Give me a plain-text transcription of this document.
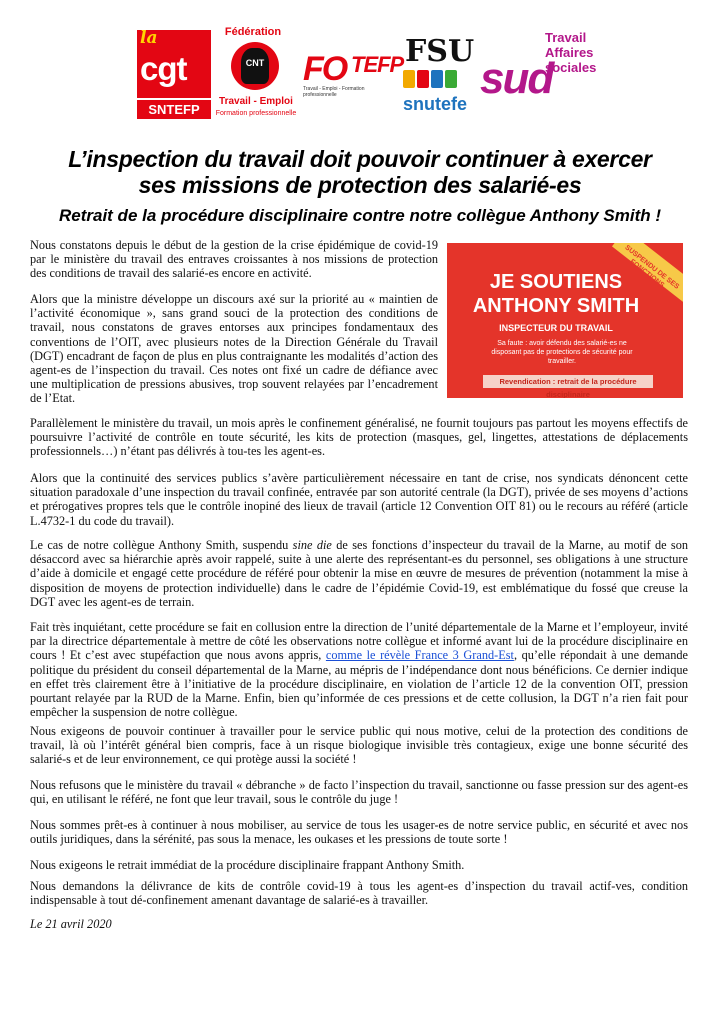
la
cgt
SNTEFP
Fédération
CNT
Travail - Emploi
Formation professionnelle
FO TEFP
Travail - Emploi - Formation professionnelle
FSU
snutefe
sud
Travail
Affaires
sociales
L’inspection du travail doit pouvoir continuer à exercer
ses missions de protection des salarié-es
Retrait de la procédure disciplinaire contre notre collègue Anthony Smith !
SUSPENDU DE SES FONCTIONS
JE SOUTIENS
ANTHONY SMITH
INSPECTEUR DU TRAVAIL
Sa faute : avoir défendu des salarié-es ne disposant pas de protections de sécurité pour travailler.
Revendication : retrait de la procédure disciplinaire

Nous constatons depuis le début de la gestion de la crise épidémique de covid-19 par le ministère du travail des entraves croissantes à nos missions de protection des conditions de travail des salarié-es encore en activité.

Alors que la ministre développe un discours axé sur la priorité au « maintien de l’activité économique », sans grand souci de la protection des conditions de travail, nous constatons de graves entorses aux principes fondamentaux des conventions de l’OIT, avec plusieurs notes de la Direction Générale du Travail (DGT) encadrant de façon de plus en plus contraignante les modalités d’action des agent-es de l’inspection du travail. Ces notes ont fixé un cadre de défiance avec une multiplication de pressions abusives, trop souvent relayées par l’encadrement de l’Etat.

Parallèlement le ministère du travail, un mois après le confinement généralisé, ne fournit toujours pas partout les moyens effectifs de poursuivre l’activité de contrôle en toute sécurité, les kits de protection (masques, gel, lingettes, attestations de déplacements professionnels…) n’étant pas délivrés à tou-tes les agent-es.

Alors que la continuité des services publics s’avère particulièrement nécessaire en tant de crise, nos syndicats dénoncent cette situation paradoxale d’une inspection du travail confinée, entravée par son autorité centrale (la DGT), privée de ses moyens d’actions et prérogatives propres tels que le contrôle inopiné des lieux de travail (article 12 Convention OIT 81) ou le recours au référé (article L.4732-1 du code du travail).

Le cas de notre collègue Anthony Smith, suspendu sine die de ses fonctions d’inspecteur du travail de la Marne, au motif de son désaccord avec sa hiérarchie après avoir rappelé, suite à une alerte des représentant-es du personnel, ses obligations à une structure d’aide à domicile et engagé cette procédure de référé pour obtenir la mise en œuvre de mesures de prévention (notamment la mise à disposition de moyens de protection individuelle) dans le cadre de l’épidémie Covid-19, est emblématique du fossé que creuse la DGT avec les agent-es de terrain.

Fait très inquiétant, cette procédure se fait en collusion entre la direction de l’unité départementale de la Marne et l’employeur, invité par la directrice départementale à mettre de côté les observations notre collègue et informé avant lui de la procédure disciplinaire en cours ! Et c’est avec stupéfaction que nous avons appris, comme le révèle France 3 Grand-Est, qu’elle répondait à une demande politique du président du conseil départemental de la Marne, au mépris de l’indépendance dont nous bénéficions. Ce dernier indique en effet très clairement être à l’initiative de la procédure disciplinaire, en violation de l’article 12 de la convention OIT, pression pourtant relayée par la RUD de la Marne. Enfin, bien qu’informée de ces pressions et de cette collusion, la DGT n’a rien fait pour empêcher la suspension de notre collègue.

Nous exigeons de pouvoir continuer à travailler pour le service public qui nous motive, celui de la protection des conditions de travail, là où l’intérêt général bien compris, face à un risque biologique invisible très contagieux, exige une bonne sécurité des salarié-s et de leur environnement, ce qui protège aussi la société !

Nous refusons que le ministère du travail « débranche » de facto l’inspection du travail, sanctionne ou fasse pression sur des agent-es qui, en utilisant le référé, ne font que leur travail, sous le contrôle du juge !

Nous sommes prêt-es à continuer à nous mobiliser, au service de tous les usager-es de notre service public, en sécurité et avec nos outils juridiques, dans la sérénité, pas sous la menace, les oukases et les pressions de toute sorte !

Nous exigeons le retrait immédiat de la procédure disciplinaire frappant Anthony Smith.

Nous demandons la délivrance de kits de contrôle covid-19 à tous les agent-es d’inspection du travail actif-ves, condition indispensable à tout dé-confinement amenant davantage de salarié-es à travailler.

Le 21 avril 2020
